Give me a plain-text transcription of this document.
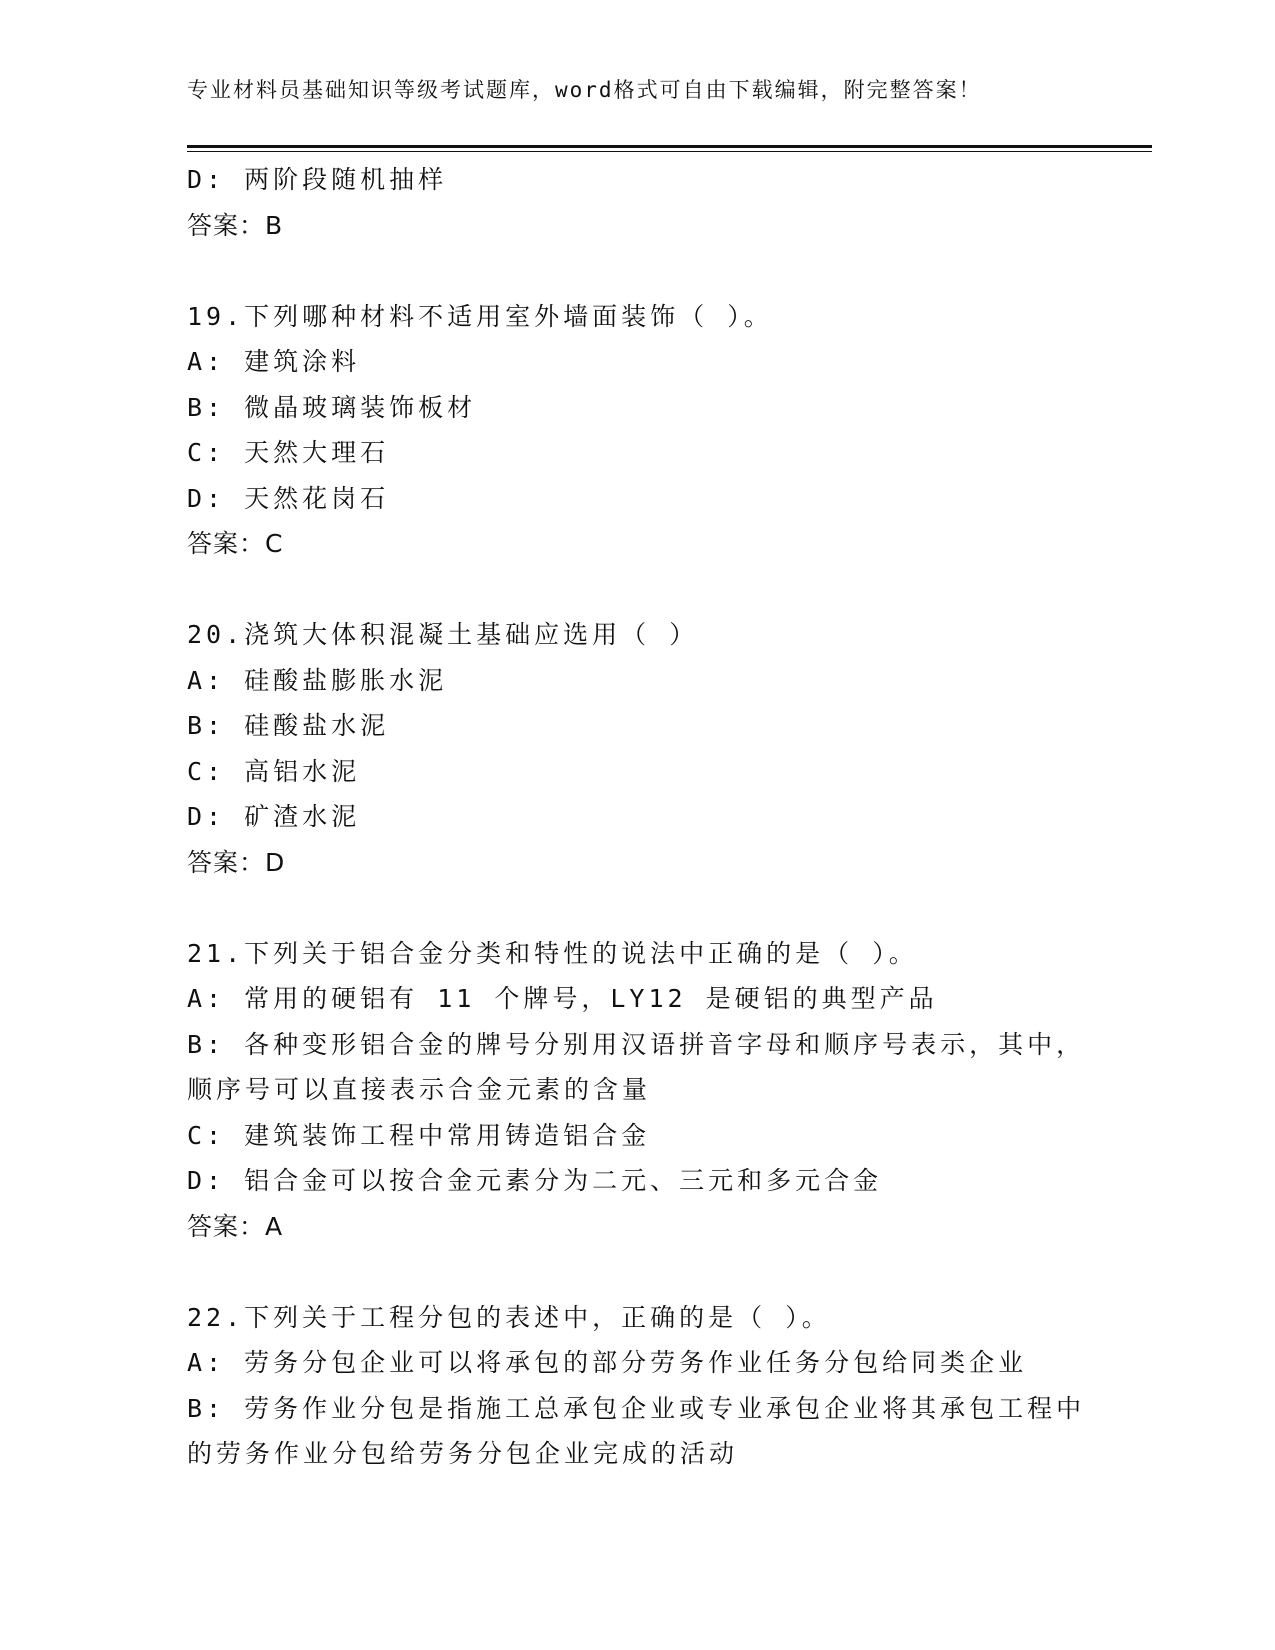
专业材料员基础知识等级考试题库，word格式可自由下载编辑，附完整答案！
D: 两阶段随机抽样
答案：B
19.下列哪种材料不适用室外墙面装饰（ ）。
A: 建筑涂料
B: 微晶玻璃装饰板材
C: 天然大理石
D: 天然花岗石
答案：C
20.浇筑大体积混凝土基础应选用（ ）
A: 硅酸盐膨胀水泥
B: 硅酸盐水泥
C: 高铝水泥
D: 矿渣水泥
答案：D
21.下列关于铝合金分类和特性的说法中正确的是（ ）。
A: 常用的硬铝有 11 个牌号，LY12 是硬铝的典型产品
B: 各种变形铝合金的牌号分别用汉语拼音字母和顺序号表示，其中，
顺序号可以直接表示合金元素的含量
C: 建筑装饰工程中常用铸造铝合金
D: 铝合金可以按合金元素分为二元、三元和多元合金
答案：A
22.下列关于工程分包的表述中，正确的是（ ）。
A: 劳务分包企业可以将承包的部分劳务作业任务分包给同类企业
B: 劳务作业分包是指施工总承包企业或专业承包企业将其承包工程中
的劳务作业分包给劳务分包企业完成的活动
